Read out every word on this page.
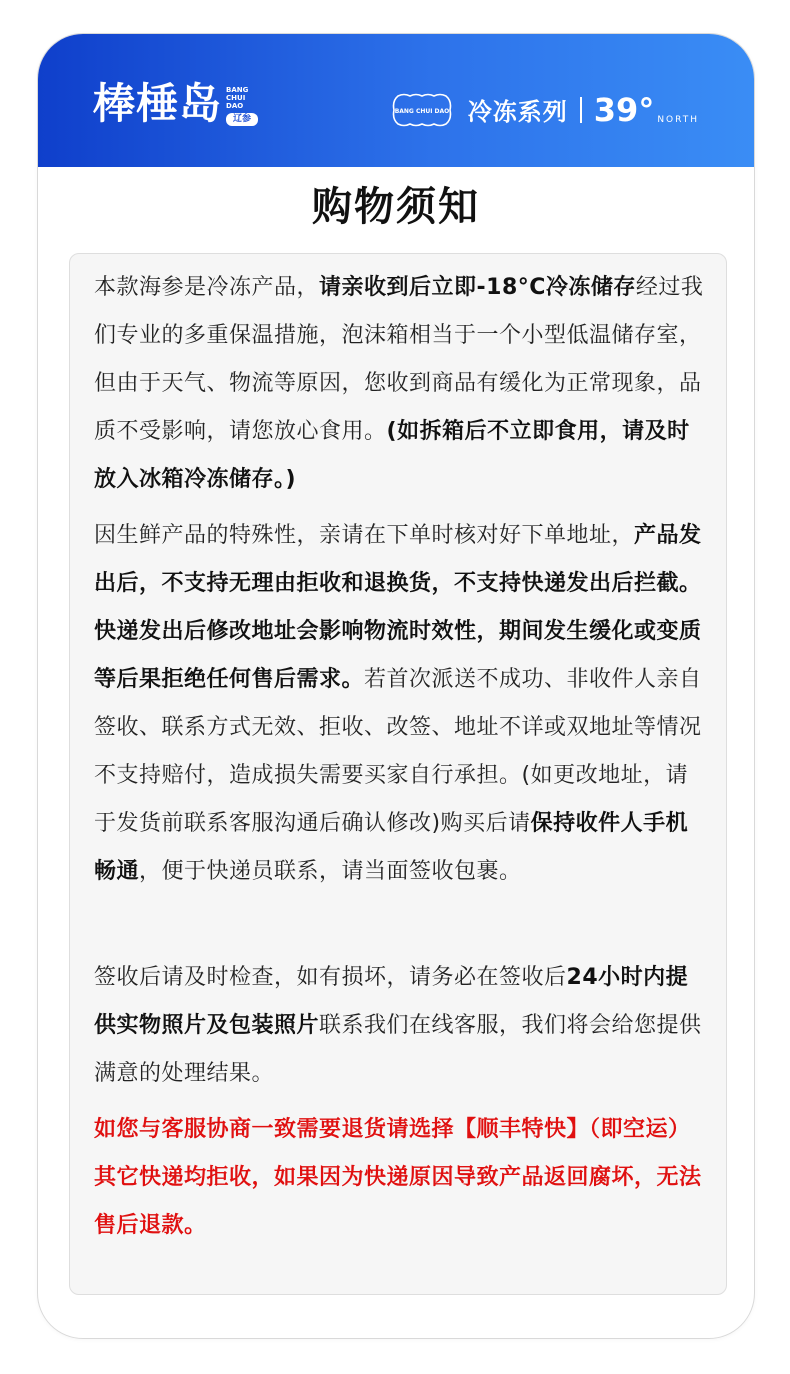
棒棰岛 BANG CHUI DAO
辽参
BANG CHUI DAO 冷冻系列 39° NORTH
购物须知

本款海参是冷冻产品，请亲收到后立即-18°C冷冻储存经过我们专业的多重保温措施，泡沫箱相当于一个小型低温储存室，但由于天气、物流等原因，您收到商品有缓化为正常现象，品质不受影响，请您放心食用。(如拆箱后不立即食用，请及时放入冰箱冷冻储存。)

因生鲜产品的特殊性，亲请在下单时核对好下单地址，产品发出后，不支持无理由拒收和退换货，不支持快递发出后拦截。快递发出后修改地址会影响物流时效性，期间发生缓化或变质等后果拒绝任何售后需求。若首次派送不成功、非收件人亲自签收、联系方式无效、拒收、改签、地址不详或双地址等情况不支持赔付，造成损失需要买家自行承担。(如更改地址，请于发货前联系客服沟通后确认修改)购买后请保持收件人手机畅通，便于快递员联系，请当面签收包裹。

签收后请及时检查，如有损坏，请务必在签收后24小时内提供实物照片及包装照片联系我们在线客服，我们将会给您提供满意的处理结果。

如您与客服协商一致需要退货请选择【顺丰特快】（即空运）其它快递均拒收，如果因为快递原因导致产品返回腐坏，无法售后退款。
